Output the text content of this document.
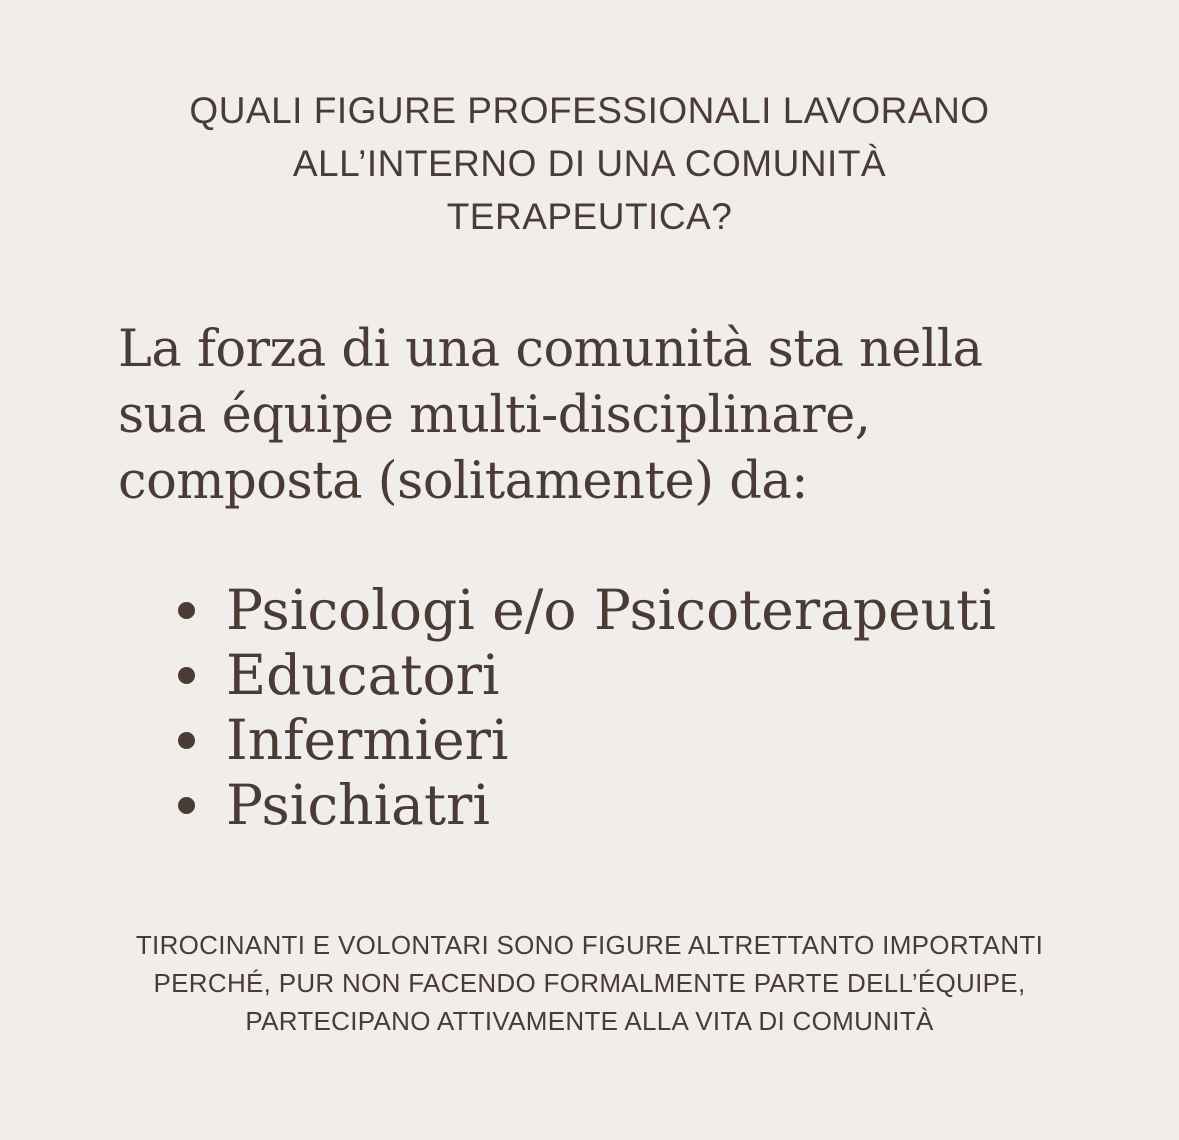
QUALI FIGURE PROFESSIONALI LAVORANO
ALL’INTERNO DI UNA COMUNITÀ
TERAPEUTICA?
La forza di una comunità sta nella
sua équipe multi-disciplinare,
composta (solitamente) da:
Psicologi e/o Psicoterapeuti
Educatori
Infermieri
Psichiatri
TIROCINANTI E VOLONTARI SONO FIGURE ALTRETTANTO IMPORTANTI
PERCHÉ, PUR NON FACENDO FORMALMENTE PARTE DELL’ÉQUIPE,
PARTECIPANO ATTIVAMENTE ALLA VITA DI COMUNITÀ
